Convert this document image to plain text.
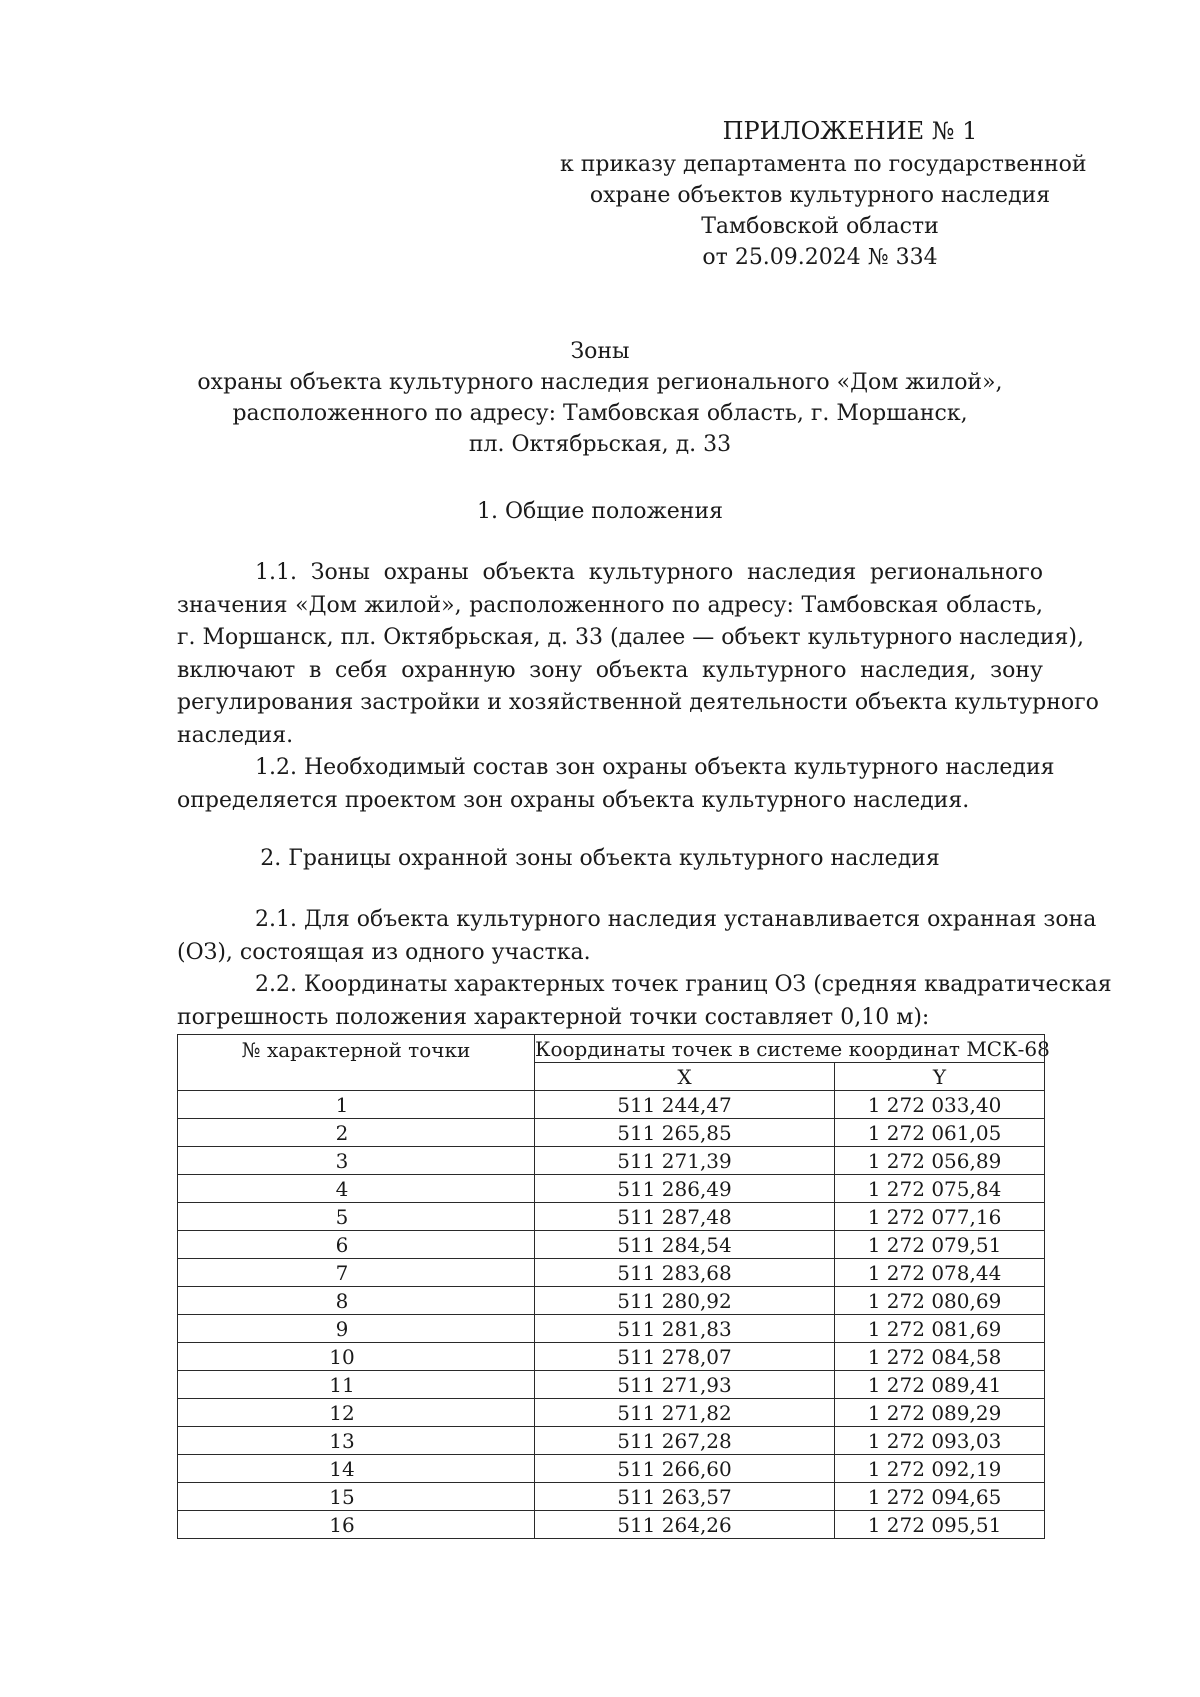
ПРИЛОЖЕНИЕ № 1
к приказу департамента по государственной
охране объектов культурного наследия
Тамбовской области
от 25.09.2024 № 334
Зоны
охраны объекта культурного наследия регионального «Дом жилой»,
расположенного по адресу: Тамбовская область, г. Моршанск,
пл. Октябрьская, д. 33
1. Общие положения
1.1. Зоны охраны объекта культурного наследия регионального
значения «Дом жилой», расположенного по адресу: Тамбовская область,
г. Моршанск, пл. Октябрьская, д. 33 (далее — объект культурного наследия),
включают в себя охранную зону объекта культурного наследия, зону
регулирования застройки и хозяйственной деятельности объекта культурного
наследия.
1.2. Необходимый состав зон охраны объекта культурного наследия
определяется проектом зон охраны объекта культурного наследия.
2. Границы охранной зоны объекта культурного наследия
2.1. Для объекта культурного наследия устанавливается охранная зона
(ОЗ), состоящая из одного участка.
2.2. Координаты характерных точек границ ОЗ (средняя квадратическая
погрешность положения характерной точки составляет 0,10 м):
№ характерной точки	Координаты точек в системе координат МСК-68	
	X	Y
1	511 244,47	1 272 033,40
2	511 265,85	1 272 061,05
3	511 271,39	1 272 056,89
4	511 286,49	1 272 075,84
5	511 287,48	1 272 077,16
6	511 284,54	1 272 079,51
7	511 283,68	1 272 078,44
8	511 280,92	1 272 080,69
9	511 281,83	1 272 081,69
10	511 278,07	1 272 084,58
11	511 271,93	1 272 089,41
12	511 271,82	1 272 089,29
13	511 267,28	1 272 093,03
14	511 266,60	1 272 092,19
15	511 263,57	1 272 094,65
16	511 264,26	1 272 095,51
